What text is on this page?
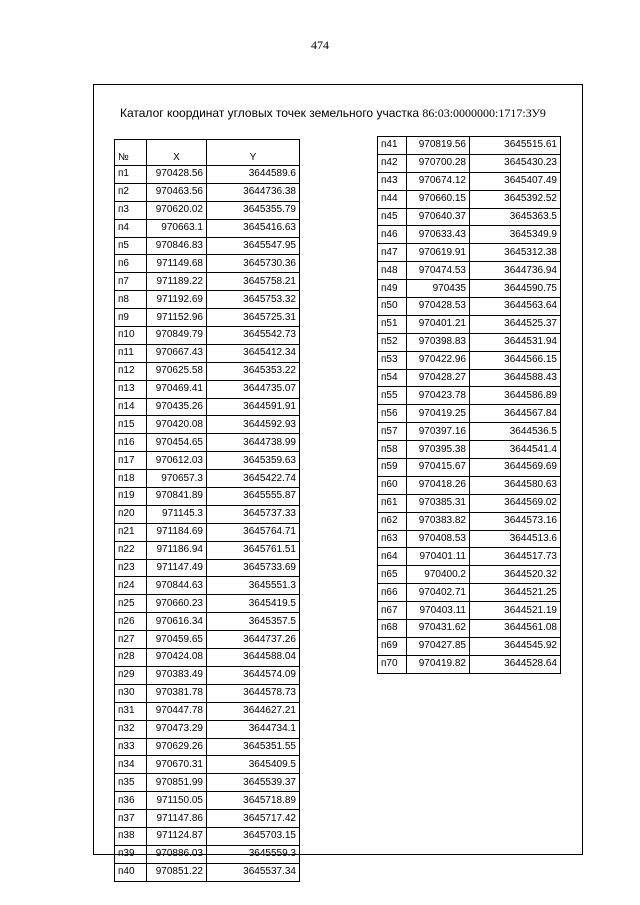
474
Каталог координат угловых точек земельного участка 86:03:0000000:1717:ЗУ9
№	X	Y
п1	970428.56	3644589.6
п2	970463.56	3644736.38
п3	970620.02	3645355.79
п4	970663.1	3645416.63
п5	970846.83	3645547.95
п6	971149.68	3645730.36
п7	971189.22	3645758.21
п8	971192.69	3645753.32
п9	971152.96	3645725.31
п10	970849.79	3645542.73
п11	970667.43	3645412.34
п12	970625.58	3645353.22
п13	970469.41	3644735.07
п14	970435.26	3644591.91
п15	970420.08	3644592.93
п16	970454.65	3644738.99
п17	970612.03	3645359.63
п18	970657.3	3645422.74
п19	970841.89	3645555.87
п20	971145.3	3645737.33
п21	971184.69	3645764.71
п22	971186.94	3645761.51
п23	971147.49	3645733.69
п24	970844.63	3645551.3
п25	970660.23	3645419.5
п26	970616.34	3645357.5
п27	970459.65	3644737.26
п28	970424.08	3644588.04
п29	970383.49	3644574.09
п30	970381.78	3644578.73
п31	970447.78	3644627.21
п32	970473.29	3644734.1
п33	970629.26	3645351.55
п34	970670.31	3645409.5
п35	970851.99	3645539.37
п36	971150.05	3645718.89
п37	971147.86	3645717.42
п38	971124.87	3645703.15
п39	970886.03	3645559.3
п40	970851.22	3645537.34
п41	970819.56	3645515.61
п42	970700.28	3645430.23
п43	970674.12	3645407.49
п44	970660.15	3645392.52
п45	970640.37	3645363.5
п46	970633.43	3645349.9
п47	970619.91	3645312.38
п48	970474.53	3644736.94
п49	970435	3644590.75
п50	970428.53	3644563.64
п51	970401.21	3644525.37
п52	970398.83	3644531.94
п53	970422.96	3644566.15
п54	970428.27	3644588.43
п55	970423.78	3644586.89
п56	970419.25	3644567.84
п57	970397.16	3644536.5
п58	970395.38	3644541.4
п59	970415.67	3644569.69
п60	970418.26	3644580.63
п61	970385.31	3644569.02
п62	970383.82	3644573.16
п63	970408.53	3644513.6
п64	970401.11	3644517.73
п65	970400.2	3644520.32
п66	970402.71	3644521.25
п67	970403.11	3644521.19
п68	970431.62	3644561.08
п69	970427.85	3644545.92
п70	970419.82	3644528.64
